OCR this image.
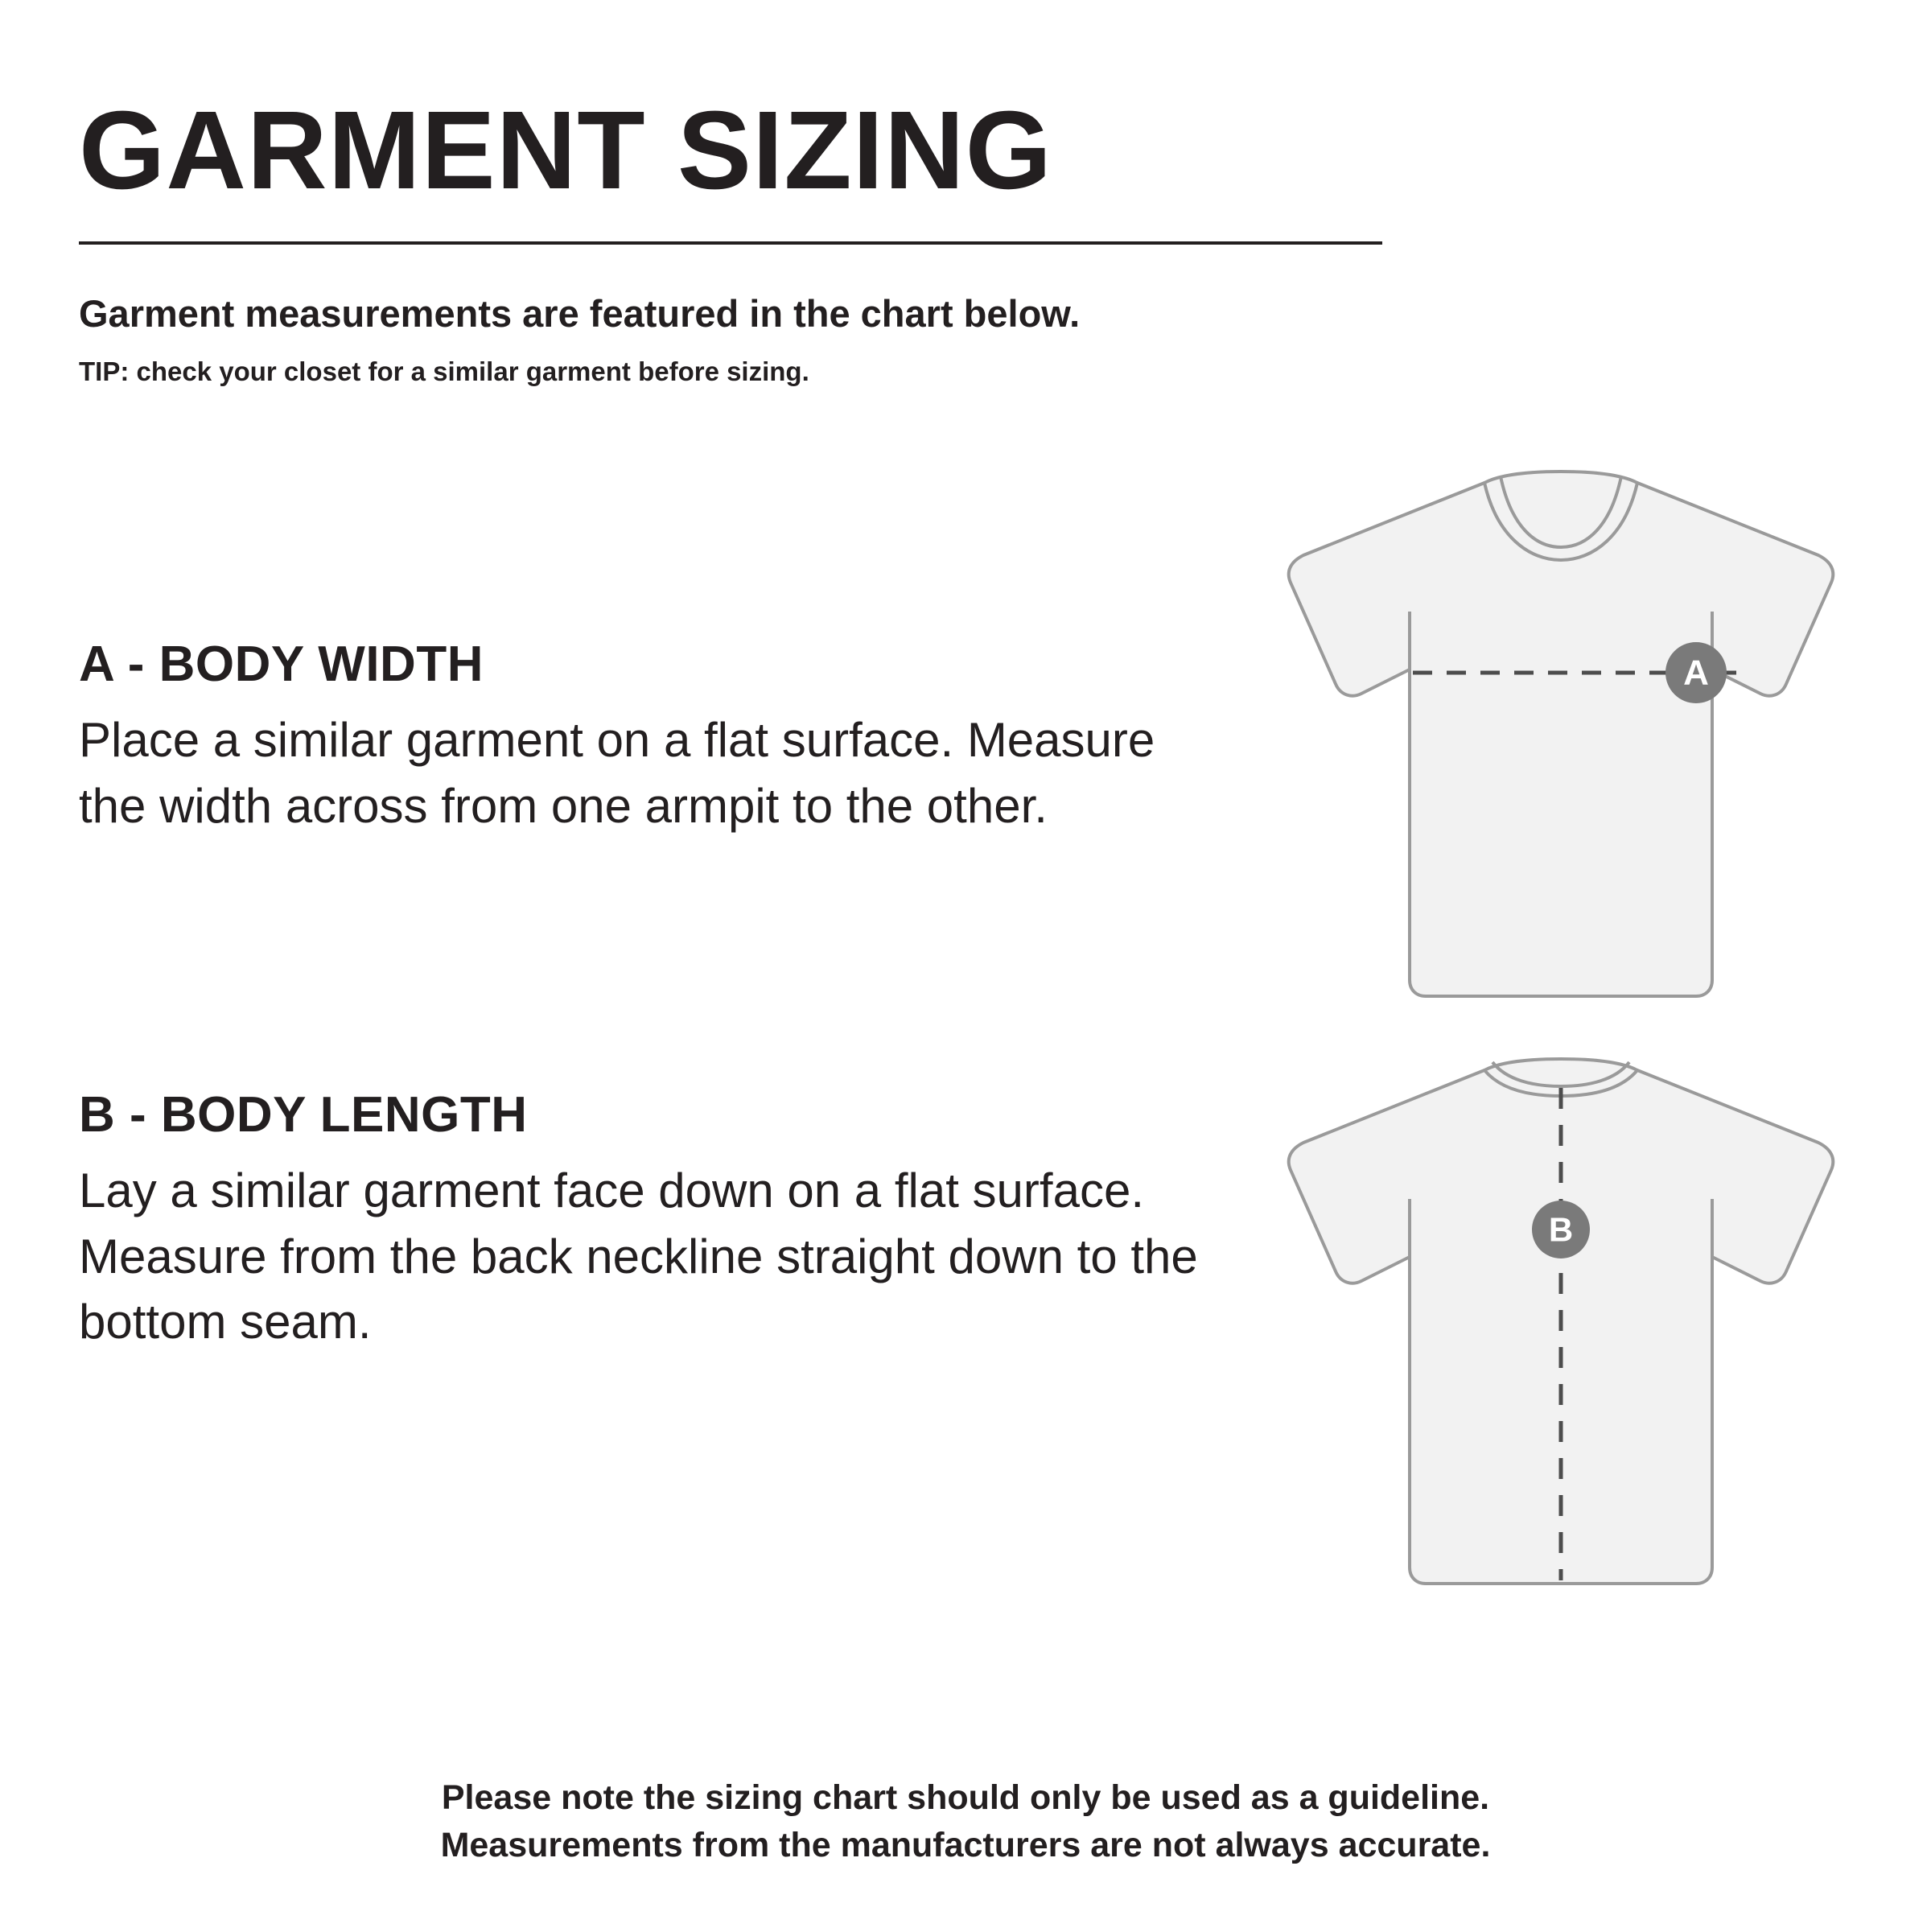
GARMENT SIZING
Garment measurements are featured in the chart below.
TIP: check your closet for a similar garment before sizing.
A - BODY WIDTH

Place a similar garment on a flat surface. Measure the width across from one armpit to the other.

B - BODY LENGTH

Lay a similar garment face down on a flat surface. Measure from the back neckline straight down to the bottom seam.

A
B
Please note the sizing chart should only be used as a guideline.
Measurements from the manufacturers are not always accurate.
